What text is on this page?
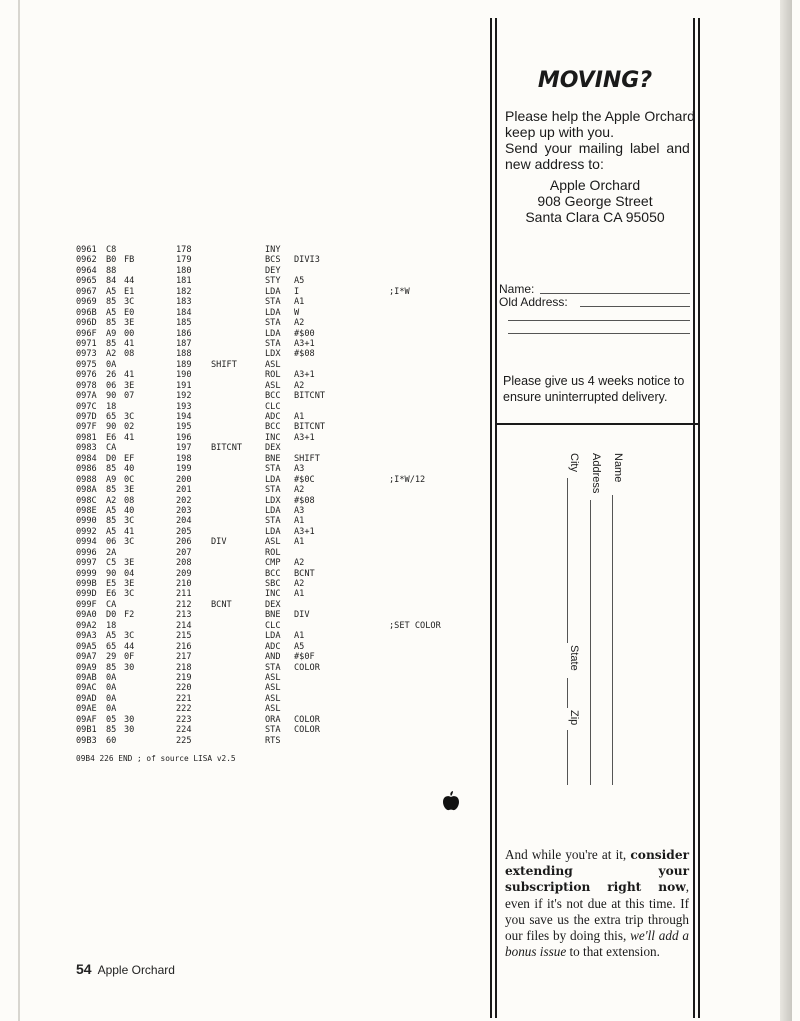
0961 C8	178	INY
0962 B0 FB	179	BCS DIVI3
0964 88	180	DEY
0965 84 44	181	STY A5
0967 A5 E1	182	LDA I	;I*W
0969 85 3C	183	STA A1
096B A5 E0	184	LDA W
096D 85 3E	185	STA A2
096F A9 00	186	LDA #$00
0971 85 41	187	STA A3+1
0973 A2 08	188	LDX #$08
0975 0A	189 SHIFT	ASL
0976 26 41	190	ROL A3+1
0978 06 3E	191	ASL A2
097A 90 07	192	BCC BITCNT
097C 18	193	CLC
097D 65 3C	194	ADC A1
097F 90 02	195	BCC BITCNT
0981 E6 41	196	INC A3+1
0983 CA	197 BITCNT	DEX
0984 D0 EF	198	BNE SHIFT
0986 85 40	199	STA A3
0988 A9 0C	200	LDA #$0C	;I*W/12
098A 85 3E	201	STA A2
098C A2 08	202	LDX #$08
098E A5 40	203	LDA A3
0990 85 3C	204	STA A1
0992 A5 41	205	LDA A3+1
0994 06 3C	206 DIV	ASL A1
0996 2A	207	ROL
0997 C5 3E	208	CMP A2
0999 90 04	209	BCC BCNT
099B E5 3E	210	SBC A2
099D E6 3C	211	INC A1
099F CA	212 BCNT	DEX
09A0 D0 F2	213	BNE DIV
09A2 18	214	CLC	;SET COLOR
09A3 A5 3C	215	LDA A1
09A5 65 44	216	ADC A5
09A7 29 0F	217	AND #$0F
09A9 85 30	218	STA COLOR
09AB 0A	219	ASL
09AC 0A	220	ASL
09AD 0A	221	ASL
09AE 0A	222	ASL
09AF 05 30	223	ORA COLOR
09B1 85 30	224	STA COLOR
09B3 60	225	RTS
09B4 226 END ; of source LISA v2.5
54 Apple Orchard
MOVING?
Please help the Apple Orchard
keep up with you.
Send your mailing label and
new address to:
Apple Orchard
908 George Street
Santa Clara CA 95050
Name:
Old Address:
Please give us 4 weeks notice to ensure uninterrupted delivery.
Name
Address
City
State
Zip
And while you're at it, consider extending your subscription right now, even if it's not due at this time. If you save us the extra trip through our files by doing this, we'll add a bonus issue to that extension.
